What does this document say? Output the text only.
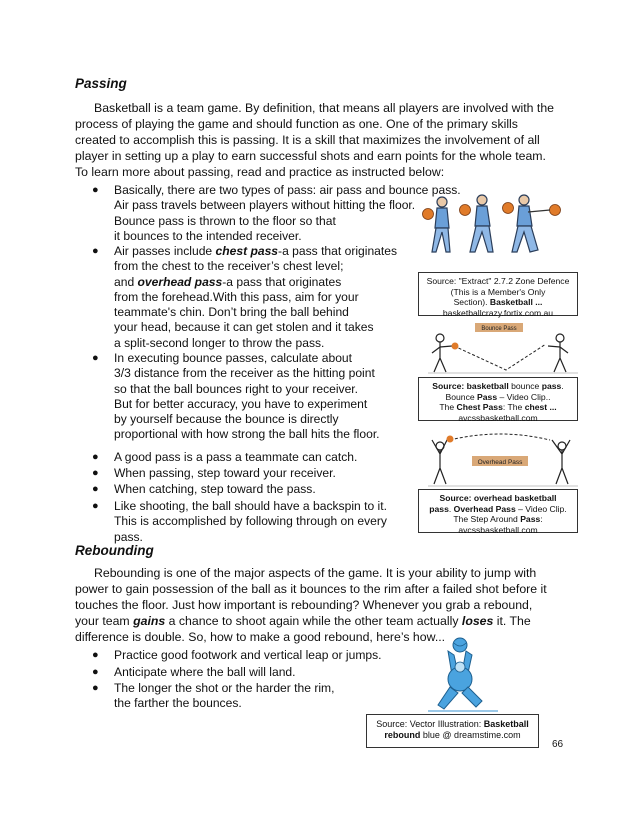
Passing
Basketball is a team game. By definition, that means all players are involved with the
process of playing the game and should function as one. One of the primary skills
created to accomplish this is passing. It is a skill that maximizes the involvement of all
player in setting up a play to earn successful shots and earn points for the whole team.
To learn more about passing, read and practice as instructed below:
● Basically, there are two types of pass: air pass and bounce pass.
Air pass travels between players without hitting the floor.
Bounce pass is thrown to the floor so that
it bounces to the intended receiver.
● Air passes include chest pass-a pass that originates
from the chest to the receiver’s chest level;
and overhead pass-a pass that originates
from the forehead.With this pass, aim for your
teammate's chin. Don’t bring the ball behind
your head, because it can get stolen and it takes
a split-second longer to throw the pass.
● In executing bounce passes, calculate about
3/3 distance from the receiver as the hitting point
so that the ball bounces right to your receiver.
But for better accuracy, you have to experiment
by yourself because the bounce is directly
proportional with how strong the ball hits the floor.
● A good pass is a pass a teammate can catch.
● When passing, step toward your receiver.
● When catching, step toward the pass.
● Like shooting, the ball should have a backspin to it.
This is accomplished by following through on every
pass.
Source: "Extract" 2.7.2 Zone Defence
(This is a Member's Only
Section). Basketball ...
basketballcrazy.fortix.com.au
Bounce Pass
Source: basketball bounce pass.
Bounce Pass – Video Clip..
The Chest Pass: The chest ...
avcssbasketball.com
Overhead Pass
Source: overhead basketball
pass. Overhead Pass – Video Clip.
The Step Around Pass:
avcssbasketball.com
Rebounding
Rebounding is one of the major aspects of the game. It is your ability to jump with
power to gain possession of the ball as it bounces to the rim after a failed shot before it
touches the floor. Just how important is rebounding? Whenever you grab a rebound,
your team gains a chance to shoot again while the other team actually loses it. The
difference is double. So, how to make a good rebound, here’s how...
● Practice good footwork and vertical leap or jumps.
● Anticipate where the ball will land.
● The longer the shot or the harder the rim,
the farther the bounces.
Source: Vector Illustration: Basketball
rebound blue @ dreamstime.com
66
